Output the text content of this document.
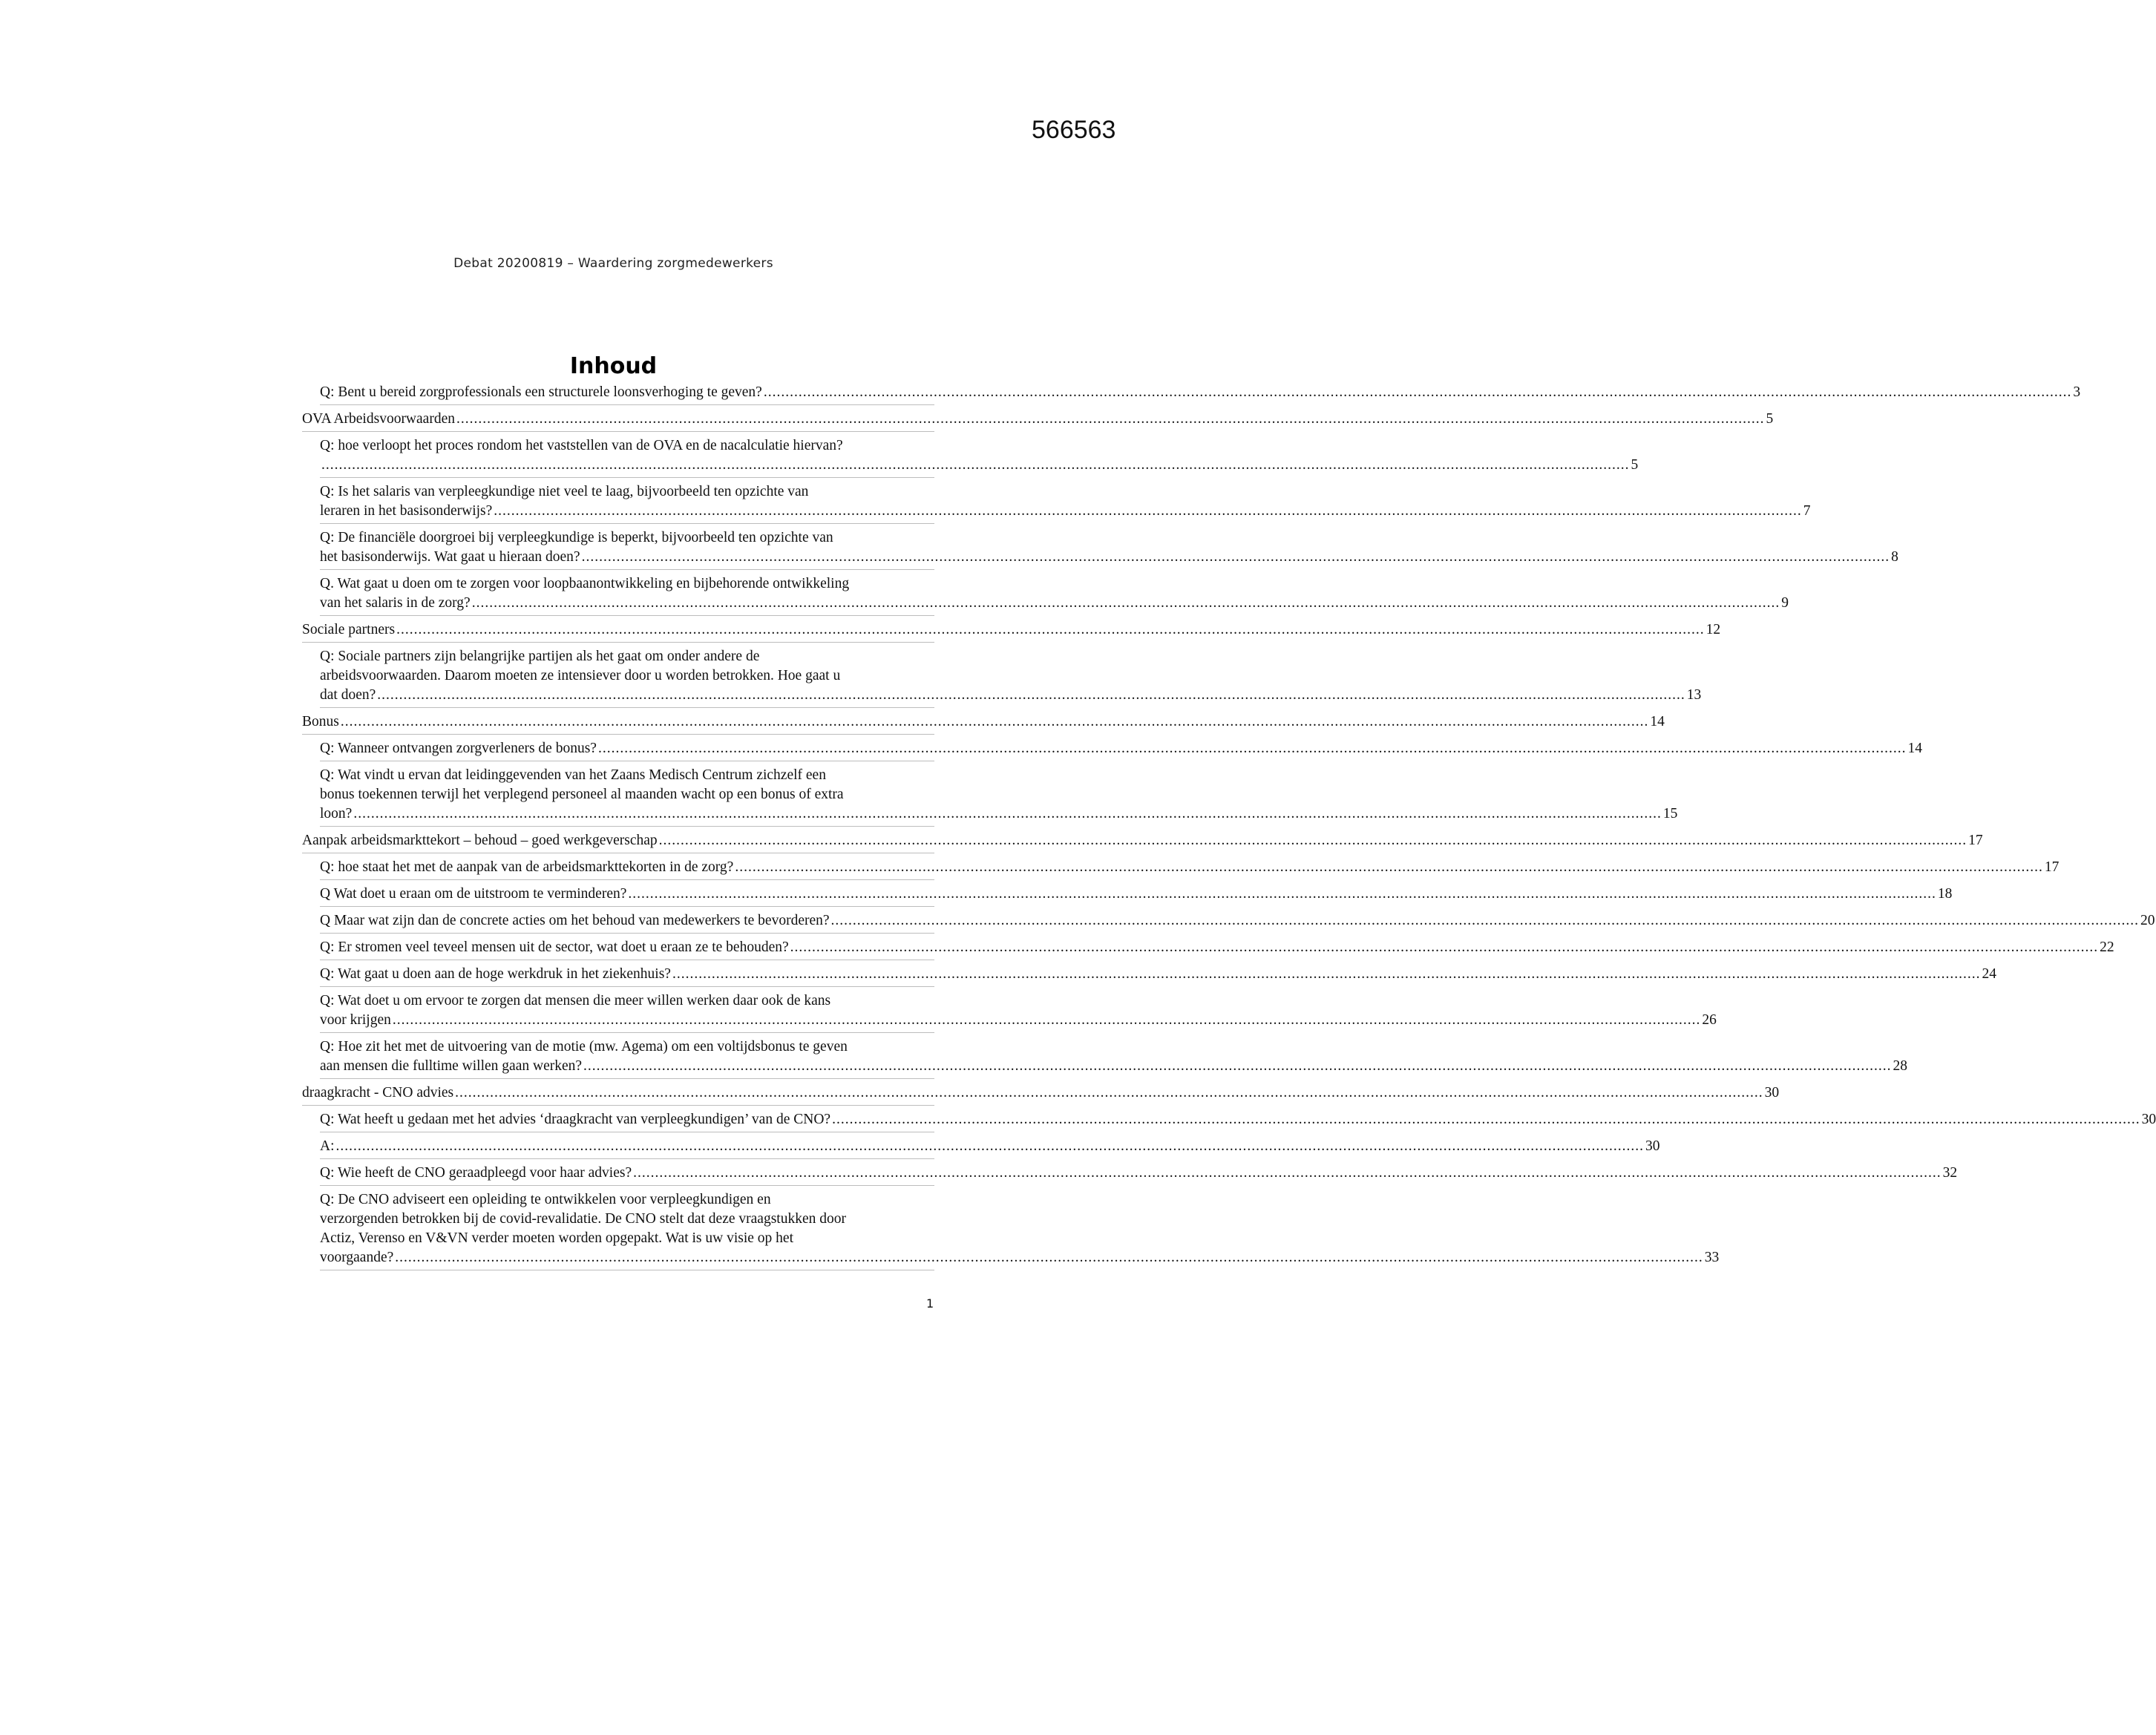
566563
Debat 20200819 – Waardering zorgmedewerkers
Inhoud
Q: Bent u bereid zorgprofessionals een structurele loonsverhoging te geven? ............................................................................................................................................................................................................................................................................................................ 3
OVA Arbeidsvoorwaarden ............................................................................................................................................................................................................................................................................................................ 5
Q: hoe verloopt het proces rondom het vaststellen van de OVA en de nacalculatie hiervan?
............................................................................................................................................................................................................................................................................................................ 5
Q: Is het salaris van verpleegkundige niet veel te laag, bijvoorbeeld ten opzichte van
leraren in het basisonderwijs? ............................................................................................................................................................................................................................................................................................................ 7
Q: De financiële doorgroei bij verpleegkundige is beperkt, bijvoorbeeld ten opzichte van
het basisonderwijs. Wat gaat u hieraan doen? ............................................................................................................................................................................................................................................................................................................ 8
Q. Wat gaat u doen om te zorgen voor loopbaanontwikkeling en bijbehorende ontwikkeling
van het salaris in de zorg? ............................................................................................................................................................................................................................................................................................................ 9
Sociale partners ............................................................................................................................................................................................................................................................................................................ 12
Q: Sociale partners zijn belangrijke partijen als het gaat om onder andere de
arbeidsvoorwaarden. Daarom moeten ze intensiever door u worden betrokken. Hoe gaat u
dat doen? ............................................................................................................................................................................................................................................................................................................ 13
Bonus ............................................................................................................................................................................................................................................................................................................ 14
Q: Wanneer ontvangen zorgverleners de bonus? ............................................................................................................................................................................................................................................................................................................ 14
Q: Wat vindt u ervan dat leidinggevenden van het Zaans Medisch Centrum zichzelf een
bonus toekennen terwijl het verplegend personeel al maanden wacht op een bonus of extra
loon? ............................................................................................................................................................................................................................................................................................................ 15
Aanpak arbeidsmarkttekort – behoud – goed werkgeverschap ............................................................................................................................................................................................................................................................................................................ 17
Q: hoe staat het met de aanpak van de arbeidsmarkttekorten in de zorg? ............................................................................................................................................................................................................................................................................................................ 17
Q Wat doet u eraan om de uitstroom te verminderen? ............................................................................................................................................................................................................................................................................................................ 18
Q Maar wat zijn dan de concrete acties om het behoud van medewerkers te bevorderen? ............................................................................................................................................................................................................................................................................................................ 20
Q: Er stromen veel teveel mensen uit de sector, wat doet u eraan ze te behouden? ............................................................................................................................................................................................................................................................................................................ 22
Q: Wat gaat u doen aan de hoge werkdruk in het ziekenhuis? ............................................................................................................................................................................................................................................................................................................ 24
Q: Wat doet u om ervoor te zorgen dat mensen die meer willen werken daar ook de kans
voor krijgen ............................................................................................................................................................................................................................................................................................................ 26
Q: Hoe zit het met de uitvoering van de motie (mw. Agema) om een voltijdsbonus te geven
aan mensen die fulltime willen gaan werken? ............................................................................................................................................................................................................................................................................................................ 28
draagkracht - CNO advies ............................................................................................................................................................................................................................................................................................................ 30
Q: Wat heeft u gedaan met het advies ‘draagkracht van verpleegkundigen’ van de CNO? ............................................................................................................................................................................................................................................................................................................ 30
A: ............................................................................................................................................................................................................................................................................................................ 30
Q: Wie heeft de CNO geraadpleegd voor haar advies? ............................................................................................................................................................................................................................................................................................................ 32
Q: De CNO adviseert een opleiding te ontwikkelen voor verpleegkundigen en
verzorgenden betrokken bij de covid-revalidatie. De CNO stelt dat deze vraagstukken door
Actiz, Verenso en V&VN verder moeten worden opgepakt. Wat is uw visie op het
voorgaande? ............................................................................................................................................................................................................................................................................................................ 33
1
